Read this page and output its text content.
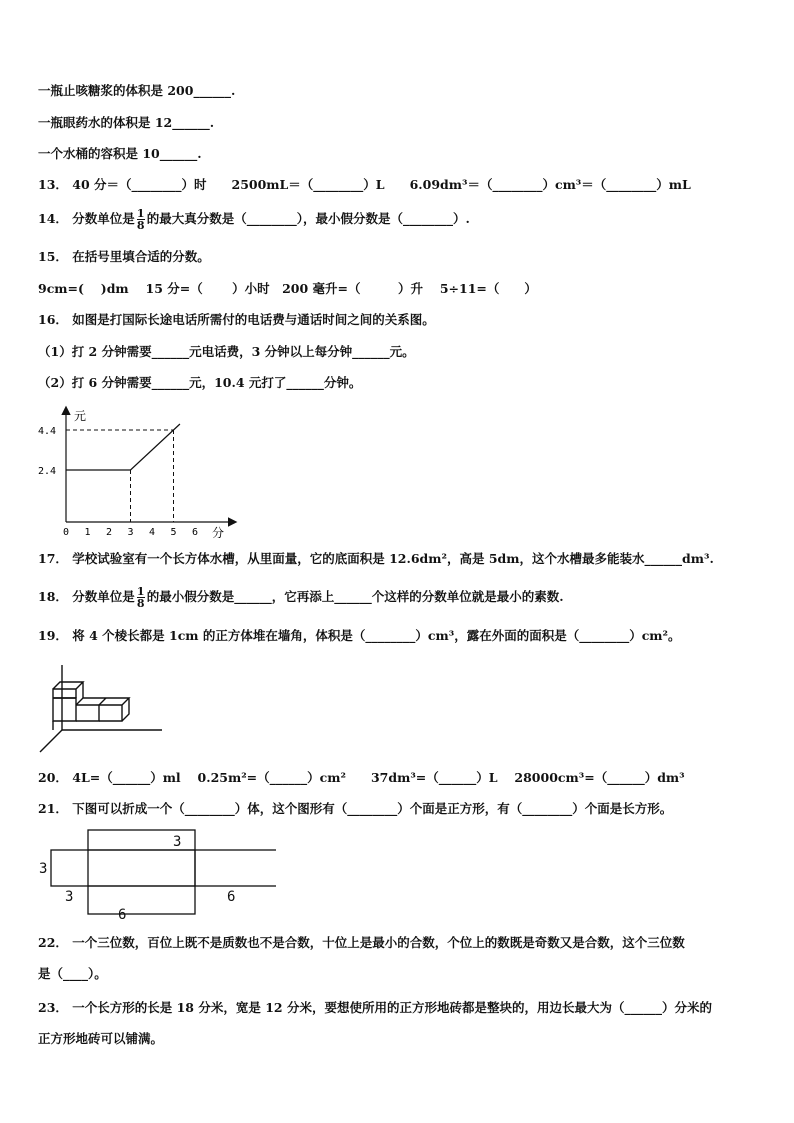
一瓶止咳糖浆的体积是 200______.
一瓶眼药水的体积是 12______.
一个水桶的容积是 10______.
13． 40 分＝（________）时　　2500mL＝（________）L　　6.09dm³＝（________）cm³＝（________）mL
14． 分数单位是 $\frac{1}{8}$ 的最大真分数是（________），最小假分数是（________）.
15． 在括号里填合适的分数。
9cm=(　 )dm　 15 分=（　　 ）小时　200 毫升=（　　　）升　 5÷11=（　　）
16． 如图是打国际长途电话所需付的电话费与通话时间之间的关系图。
（1）打 2 分钟需要______元电话费，3 分钟以上每分钟______元。
（2）打 6 分钟需要______元，10.4 元打了______分钟。
元
分
0 1 2 3 4 5 6
2.4
4.4
17． 学校试验室有一个长方体水槽，从里面量，它的底面积是 12.6dm²，高是 5dm，这个水槽最多能装水______dm³.
18． 分数单位是 $\frac{1}{8}$ 的最小假分数是______，它再添上______个这样的分数单位就是最小的素数.
19． 将 4 个棱长都是 1cm 的正方体堆在墙角，体积是（________）cm³，露在外面的面积是（________）cm²。
20． 4L=（______）ml　 0.25m²=（______）cm²　　37dm³=（______）L　 28000cm³=（______）dm³
21． 下图可以折成一个（________）体，这个图形有（________）个面是正方形，有（________）个面是长方形。
3
3
3
6
6
22． 一个三位数，百位上既不是质数也不是合数，十位上是最小的合数，个位上的数既是奇数又是合数，这个三位数
是（____）。
23． 一个长方形的长是 18 分米，宽是 12 分米，要想使所用的正方形地砖都是整块的，用边长最大为（______）分米的
正方形地砖可以铺满。
